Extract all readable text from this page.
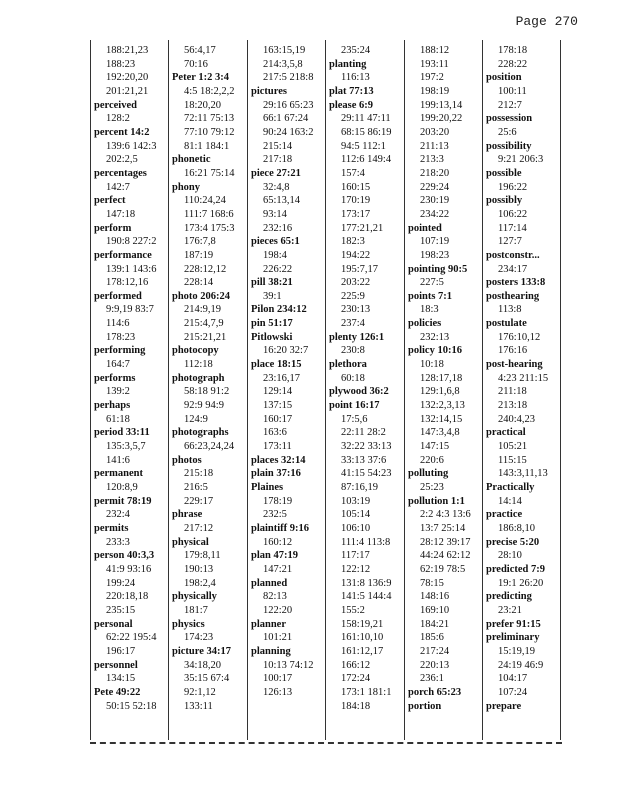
Page 270
188:21,23
188:23
192:20,20
201:21,21
perceived
128:2
percent 14:2
139:6 142:3
202:2,5
percentages
142:7
perfect
147:18
perform
190:8 227:2
performance
139:1 143:6
178:12,16
performed
9:9,19 83:7
114:6
178:23
performing
164:7
performs
139:2
perhaps
61:18
period 33:11
135:3,5,7
141:6
permanent
120:8,9
permit 78:19
232:4
permits
233:3
person 40:3,3
41:9 93:16
199:24
220:18,18
235:15
personal
62:22 195:4
196:17
personnel
134:15
Pete 49:22
50:15 52:18
56:4,17
70:16
Peter 1:2 3:4
4:5 18:2,2,2
18:20,20
72:11 75:13
77:10 79:12
81:1 184:1
phonetic
16:21 75:14
phony
110:24,24
111:7 168:6
173:4 175:3
176:7,8
187:19
228:12,12
228:14
photo 206:24
214:9,19
215:4,7,9
215:21,21
photocopy
112:18
photograph
58:18 91:2
92:9 94:9
124:9
photographs
66:23,24,24
photos
215:18
216:5
229:17
phrase
217:12
physical
179:8,11
190:13
198:2,4
physically
181:7
physics
174:23
picture 34:17
34:18,20
35:15 67:4
92:1,12
133:11
163:15,19
214:3,5,8
217:5 218:8
pictures
29:16 65:23
66:1 67:24
90:24 163:2
215:14
217:18
piece 27:21
32:4,8
65:13,14
93:14
232:16
pieces 65:1
198:4
226:22
pill 38:21
39:1
Pilon 234:12
pin 51:17
Pitlowski
16:20 32:7
place 18:15
23:16,17
129:14
137:15
160:17
163:6
173:11
places 32:14
plain 37:16
Plaines
178:19
232:5
plaintiff 9:16
160:12
plan 47:19
147:21
planned
82:13
122:20
planner
101:21
planning
10:13 74:12
100:17
126:13
235:24
planting
116:13
plat 77:13
please 6:9
29:11 47:11
68:15 86:19
94:5 112:1
112:6 149:4
157:4
160:15
170:19
173:17
177:21,21
182:3
194:22
195:7,17
203:22
225:9
230:13
237:4
plenty 126:1
230:8
plethora
60:18
plywood 36:2
point 16:17
17:5,6
22:11 28:2
32:22 33:13
33:13 37:6
41:15 54:23
87:16,19
103:19
105:14
106:10
111:4 113:8
117:17
122:12
131:8 136:9
141:5 144:4
155:2
158:19,21
161:10,10
161:12,17
166:12
172:24
173:1 181:1
184:18
188:12
193:11
197:2
198:19
199:13,14
199:20,22
203:20
211:13
213:3
218:20
229:24
230:19
234:22
pointed
107:19
198:23
pointing 90:5
227:5
points 7:1
18:3
policies
232:13
policy 10:16
10:18
128:17,18
129:1,6,8
132:2,3,13
132:14,15
147:3,4,8
147:15
220:6
polluting
25:23
pollution 1:1
2:2 4:3 13:6
13:7 25:14
28:12 39:17
44:24 62:12
62:19 78:5
78:15
148:16
169:10
184:21
185:6
217:24
220:13
236:1
porch 65:23
portion
178:18
228:22
position
100:11
212:7
possession
25:6
possibility
9:21 206:3
possible
196:22
possibly
106:22
117:14
127:7
postconstr...
234:17
posters 133:8
posthearing
113:8
postulate
176:10,12
176:16
post-hearing
4:23 211:15
211:18
213:18
240:4,23
practical
105:21
115:15
143:3,11,13
Practically
14:14
practice
186:8,10
precise 5:20
28:10
predicted 7:9
19:1 26:20
predicting
23:21
prefer 91:15
preliminary
15:19,19
24:19 46:9
104:17
107:24
prepare
